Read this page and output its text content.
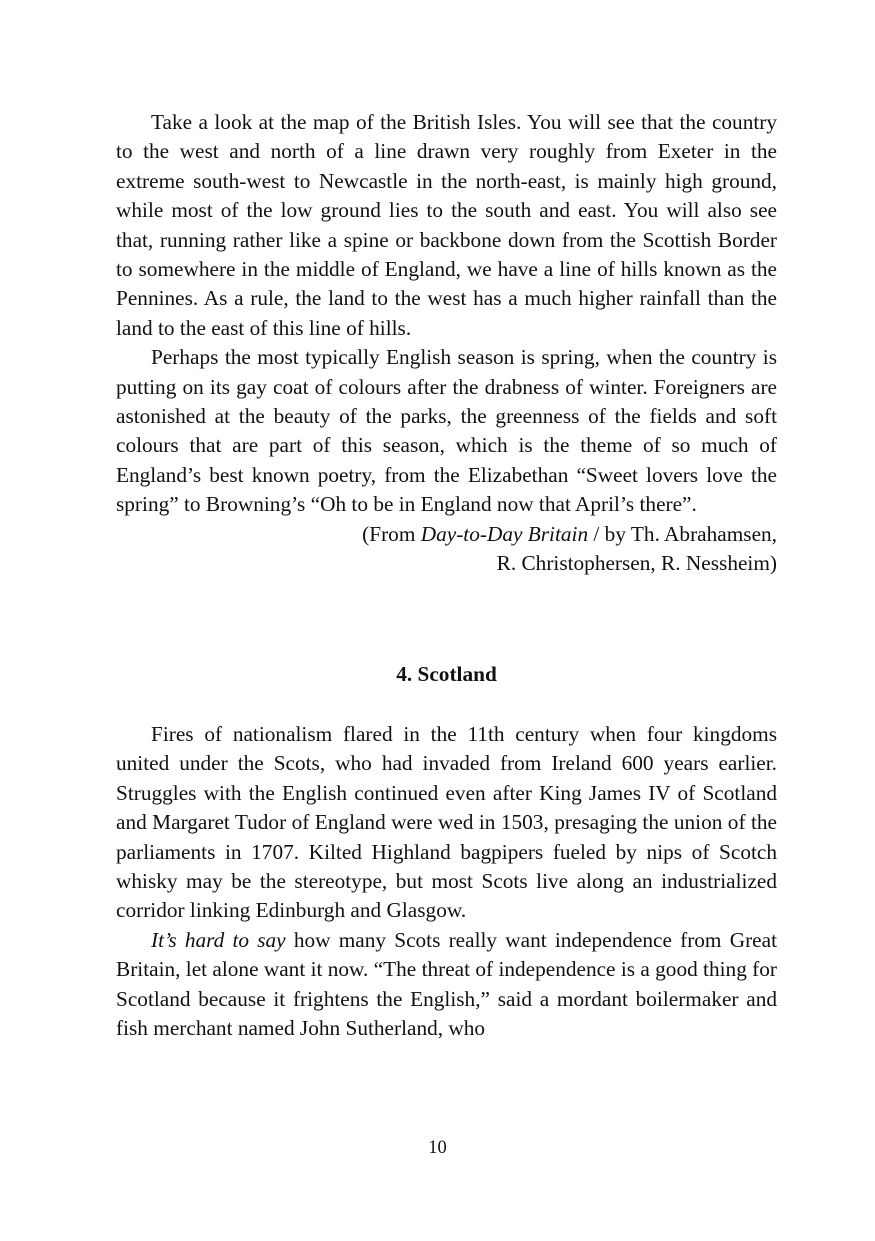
Take a look at the map of the British Isles. You will see that the country to the west and north of a line drawn very roughly from Exeter in the extreme south-west to Newcastle in the north-east, is mainly high ground, while most of the low ground lies to the south and east. You will also see that, running rather like a spine or backbone down from the Scottish Border to somewhere in the middle of England, we have a line of hills known as the Pennines. As a rule, the land to the west has a much higher rainfall than the land to the east of this line of hills.

Perhaps the most typically English season is spring, when the country is putting on its gay coat of colours after the drabness of winter. Foreigners are astonished at the beauty of the parks, the greenness of the fields and soft colours that are part of this season, which is the theme of so much of England’s best known poetry, from the Elizabethan “Sweet lovers love the spring” to Browning’s “Oh to be in England now that April’s there”.

(From Day-to-Day Britain / by Th. Abrahamsen,

R. Christophersen, R. Nessheim)

4. Scotland

Fires of nationalism flared in the 11th century when four kingdoms united under the Scots, who had invaded from Ireland 600 years earlier. Struggles with the English continued even after King James IV of Scotland and Margaret Tudor of England were wed in 1503, presaging the union of the parliaments in 1707. Kilted Highland bagpipers fueled by nips of Scotch whisky may be the stereotype, but most Scots live along an industrialized corridor linking Edinburgh and Glasgow.

It’s hard to say how many Scots really want independence from Great Britain, let alone want it now. “The threat of independence is a good thing for Scotland because it frightens the English,” said a mordant boilermaker and fish merchant named John Sutherland, who

10
